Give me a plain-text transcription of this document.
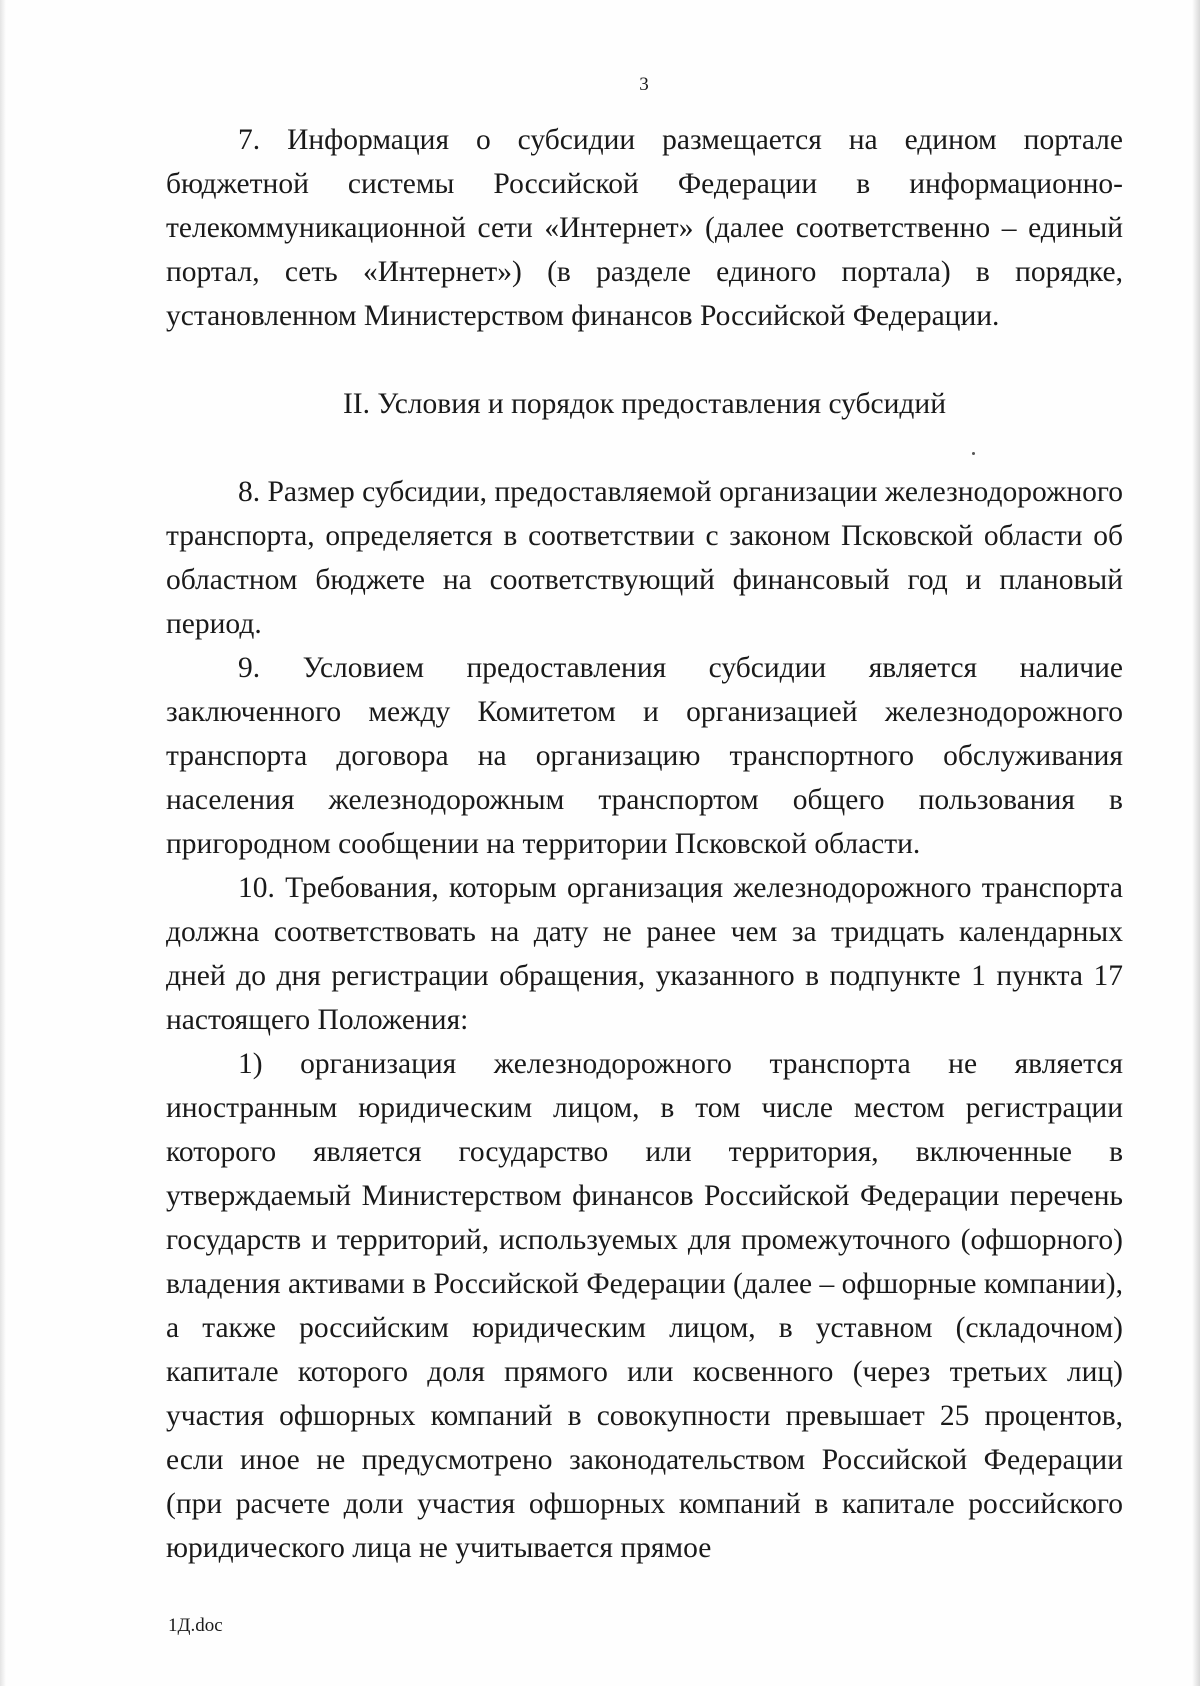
3

7. Информация о субсидии размещается на едином портале бюджетной системы Российской Федерации в информационно-телекоммуникационной сети «Интернет» (далее соответственно – единый портал, сеть «Интернет») (в разделе единого портала) в порядке, установленном Министерством финансов Российской Федерации.

II. Условия и порядок предоставления субсидий

8. Размер субсидии, предоставляемой организации железнодорожного транспорта, определяется в соответствии с законом Псковской области об областном бюджете на соответствующий финансовый год и плановый период.

9. Условием предоставления субсидии является наличие заключенного между Комитетом и организацией железнодорожного транспорта договора на организацию транспортного обслуживания населения железнодорожным транспортом общего пользования в пригородном сообщении на территории Псковской области.

10. Требования, которым организация железнодорожного транспорта должна соответствовать на дату не ранее чем за тридцать календарных дней до дня регистрации обращения, указанного в подпункте 1 пункта 17 настоящего Положения:

1) организация железнодорожного транспорта не является иностранным юридическим лицом, в том числе местом регистрации которого является государство или территория, включенные в утверждаемый Министерством финансов Российской Федерации перечень государств и территорий, используемых для промежуточного (офшорного) владения активами в Российской Федерации (далее – офшорные компании), а также российским юридическим лицом, в уставном (складочном) капитале которого доля прямого или косвенного (через третьих лиц) участия офшорных компаний в совокупности превышает 25 процентов, если иное не предусмотрено законодательством Российской Федерации (при расчете доли участия офшорных компаний в капитале российского юридического лица не учитывается прямое

1Д.doc
